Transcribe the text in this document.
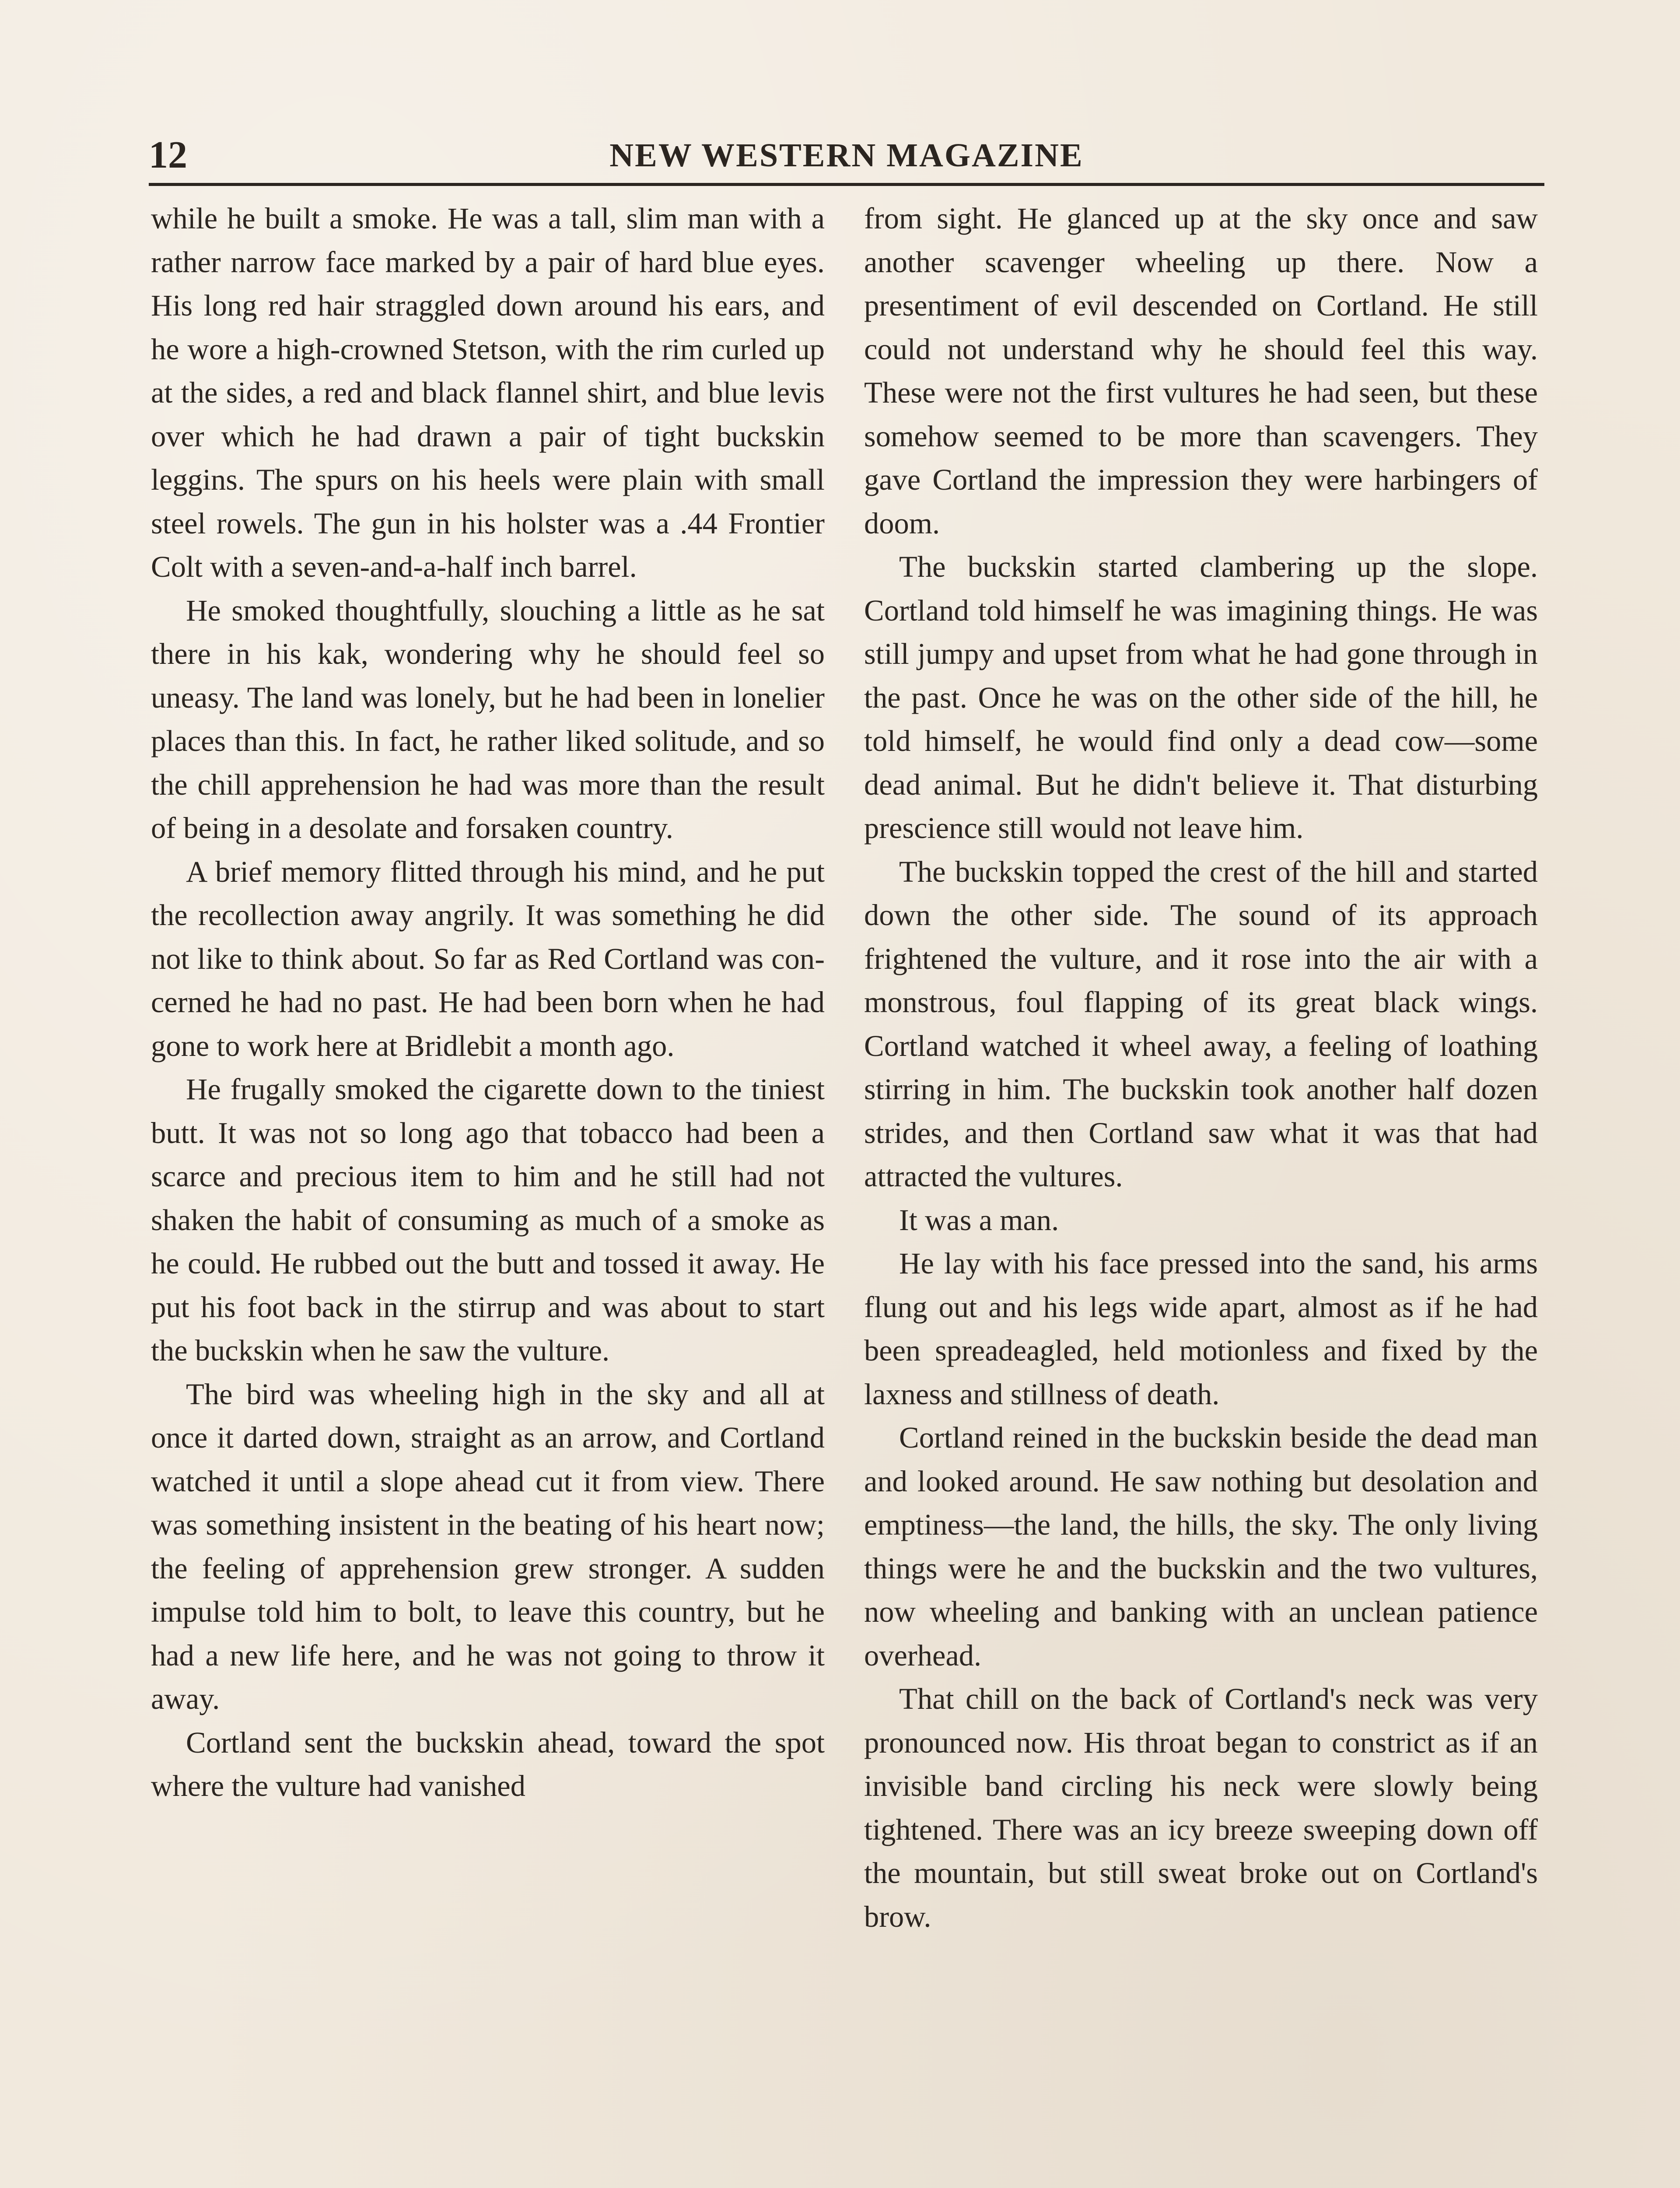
12	NEW WESTERN MAGAZINE

while he built a smoke. He was a tall, slim man with a rather narrow face marked by a pair of hard blue eyes. His long red hair straggled down around his ears, and he wore a high-crowned Stetson, with the rim curled up at the sides, a red and black flannel shirt, and blue levis over which he had drawn a pair of tight buckskin leggins. The spurs on his heels were plain with small steel rowels. The gun in his holster was a .44 Frontier Colt with a seven-and-a-half inch barrel.

He smoked thoughtfully, slouching a little as he sat there in his kak, wondering why he should feel so uneasy. The land was lonely, but he had been in lonelier places than this. In fact, he rather liked solitude, and so the chill apprehension he had was more than the result of being in a desolate and forsaken country.

A brief memory flitted through his mind, and he put the recollection away angrily. It was something he did not like to think about. So far as Red Cortland was concerned he had no past. He had been born when he had gone to work here at Bridlebit a month ago.

He frugally smoked the cigarette down to the tiniest butt. It was not so long ago that tobacco had been a scarce and precious item to him and he still had not shaken the habit of consuming as much of a smoke as he could. He rubbed out the butt and tossed it away. He put his foot back in the stirrup and was about to start the buckskin when he saw the vulture.

The bird was wheeling high in the sky and all at once it darted down, straight as an arrow, and Cortland watched it until a slope ahead cut it from view. There was something insistent in the beating of his heart now; the feeling of apprehension grew stronger. A sudden impulse told him to bolt, to leave this country, but he had a new life here, and he was not going to throw it away.

Cortland sent the buckskin ahead, toward the spot where the vulture had vanished

from sight. He glanced up at the sky once and saw another scavenger wheeling up there. Now a presentiment of evil descended on Cortland. He still could not understand why he should feel this way. These were not the first vultures he had seen, but these somehow seemed to be more than scavengers. They gave Cortland the impression they were harbingers of doom.

The buckskin started clambering up the slope. Cortland told himself he was imagining things. He was still jumpy and upset from what he had gone through in the past. Once he was on the other side of the hill, he told himself, he would find only a dead cow—some dead animal. But he didn't believe it. That disturbing prescience still would not leave him.

The buckskin topped the crest of the hill and started down the other side. The sound of its approach frightened the vulture, and it rose into the air with a monstrous, foul flapping of its great black wings. Cortland watched it wheel away, a feeling of loathing stirring in him. The buckskin took another half dozen strides, and then Cortland saw what it was that had attracted the vultures.

It was a man.

He lay with his face pressed into the sand, his arms flung out and his legs wide apart, almost as if he had been spreadeagled, held motionless and fixed by the laxness and stillness of death.

Cortland reined in the buckskin beside the dead man and looked around. He saw nothing but desolation and emptiness—the land, the hills, the sky. The only living things were he and the buckskin and the two vultures, now wheeling and banking with an unclean patience overhead.

That chill on the back of Cortland's neck was very pronounced now. His throat began to constrict as if an invisible band circling his neck were slowly being tightened. There was an icy breeze sweeping down off the mountain, but still sweat broke out on Cortland's brow.
